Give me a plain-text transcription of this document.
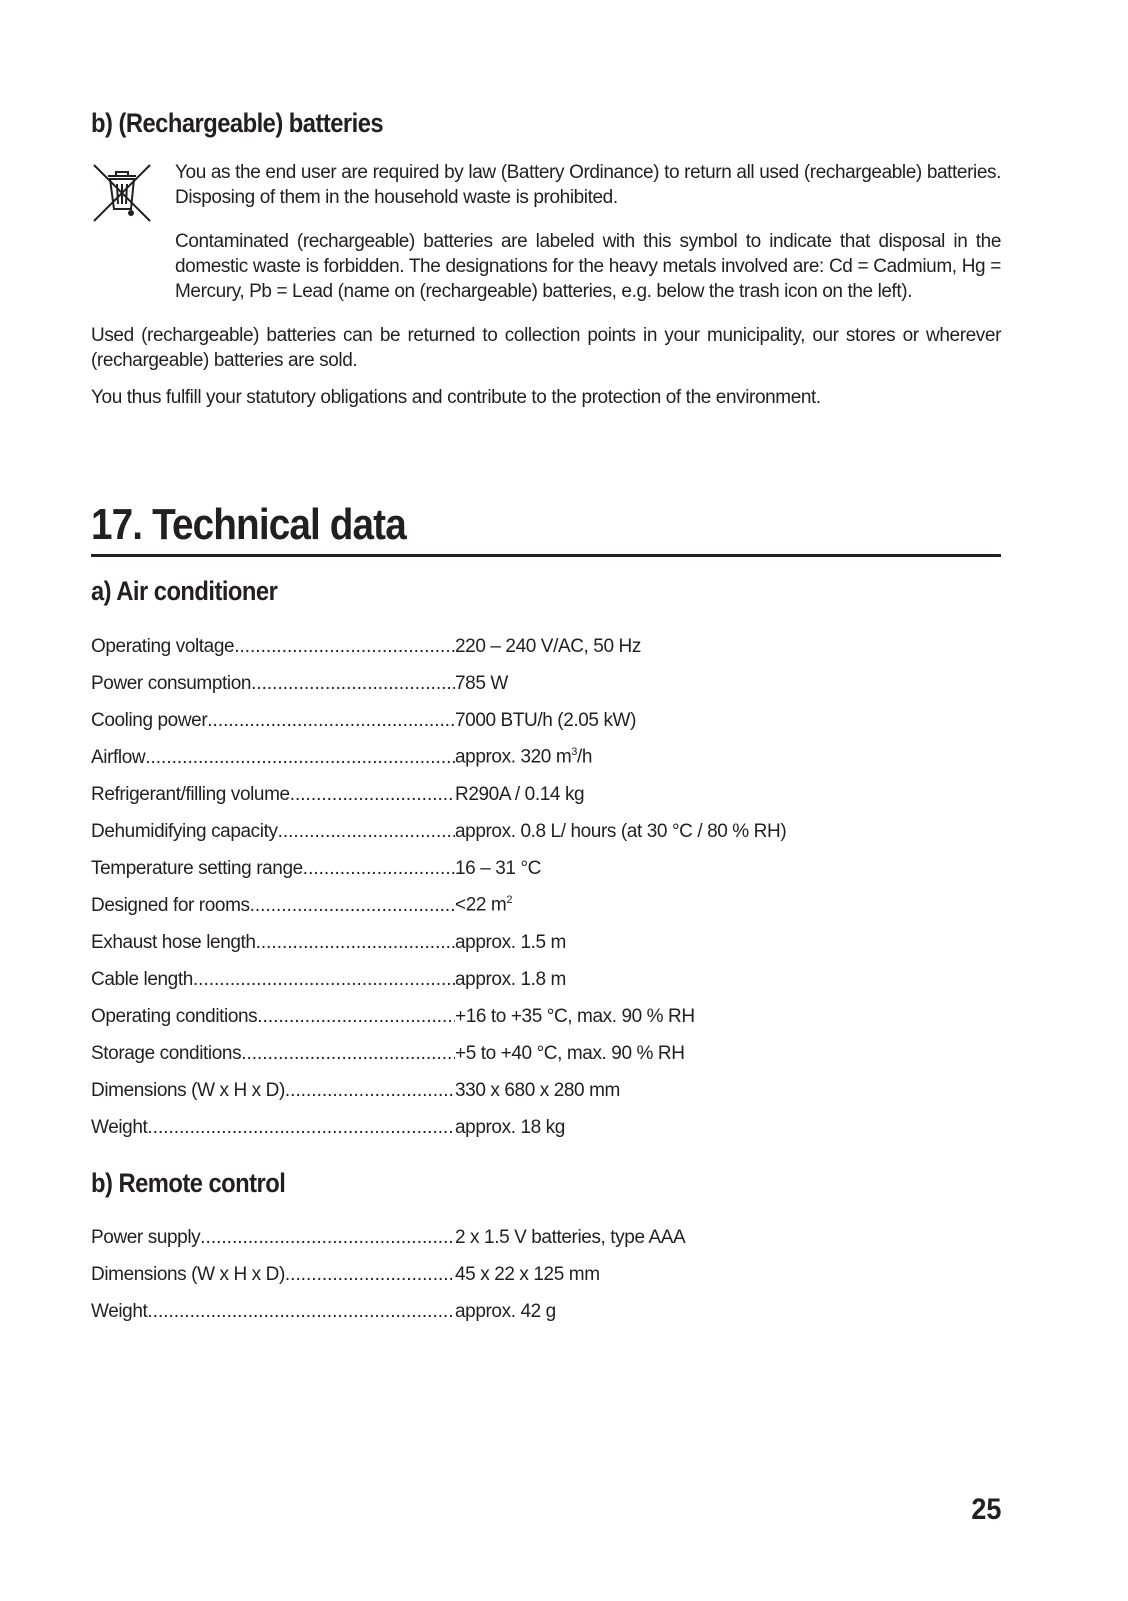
b) (Rechargeable) batteries

You as the end user are required by law (Battery Ordinance) to return all used (rechargeable) batteries. Disposing of them in the household waste is prohibited.

Contaminated (rechargeable) batteries are labeled with this symbol to indicate that disposal in the domestic waste is forbidden. The designations for the heavy metals involved are: Cd = Cadmium, Hg = Mercury, Pb = Lead (name on (rechargeable) batteries, e.g. below the trash icon on the left).

Used (rechargeable) batteries can be returned to collection points in your municipality, our stores or wherever (rechargeable) batteries are sold.

You thus fulfill your statutory obligations and contribute to the protection of the environment.

17. Technical data
a) Air conditioner
Operating voltage .....	220 – 240 V/AC, 50 Hz
Power consumption .....	785 W
Cooling power .....	7000 BTU/h (2.05 kW)
Airflow .....	approx. 320 $m^3/h$
Refrigerant/filling volume .....	R290A / 0.14 kg
Dehumidifying capacity .....	approx. 0.8 L/ hours (at 30 °C / 80 % RH)
Temperature setting range .....	16 – 31 °C
Designed for rooms .....	<22 $m^2$
Exhaust hose length .....	approx. 1.5 m
Cable length .....	approx. 1.8 m
Operating conditions .....	+16 to +35 °C, max. 90 % RH
Storage conditions .....	+5 to +40 °C, max. 90 % RH
Dimensions (W x H x D) .....	330 x 680 x 280 mm
Weight .....	approx. 18 kg
b) Remote control
Power supply .....	2 x 1.5 V batteries, type AAA
Dimensions (W x H x D) .....	45 x 22 x 125 mm
Weight .....	approx. 42 g
25
